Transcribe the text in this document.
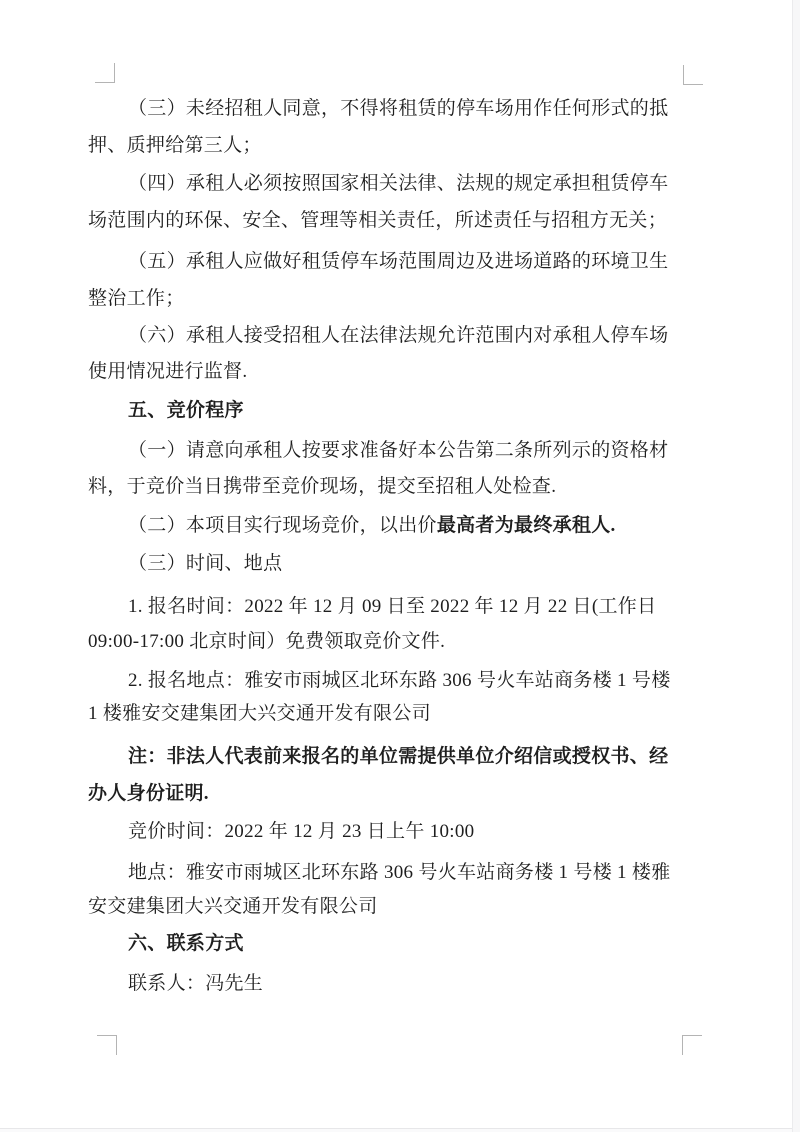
（三）未经招租人同意，不得将租赁的停车场用作任何形式的抵
押、质押给第三人；
（四）承租人必须按照国家相关法律、法规的规定承担租赁停车
场范围内的环保、安全、管理等相关责任，所述责任与招租方无关；
（五）承租人应做好租赁停车场范围周边及进场道路的环境卫生
整治工作；
（六）承租人接受招租人在法律法规允许范围内对承租人停车场
使用情况进行监督.
五、竞价程序
（一）请意向承租人按要求准备好本公告第二条所列示的资格材
料，于竞价当日携带至竞价现场，提交至招租人处检查.
（二）本项目实行现场竞价，以出价最高者为最终承租人.
（三）时间、地点
1. 报名时间：2022 年 12 月 09 日至 2022 年 12 月 22 日(工作日
09:00-17:00 北京时间）免费领取竞价文件.
2. 报名地点：雅安市雨城区北环东路 306 号火车站商务楼 1 号楼
1 楼雅安交建集团大兴交通开发有限公司
注：非法人代表前来报名的单位需提供单位介绍信或授权书、经
办人身份证明.
竞价时间：2022 年 12 月 23 日上午 10:00
地点：雅安市雨城区北环东路 306 号火车站商务楼 1 号楼 1 楼雅
安交建集团大兴交通开发有限公司
六、联系方式
联系人：冯先生
